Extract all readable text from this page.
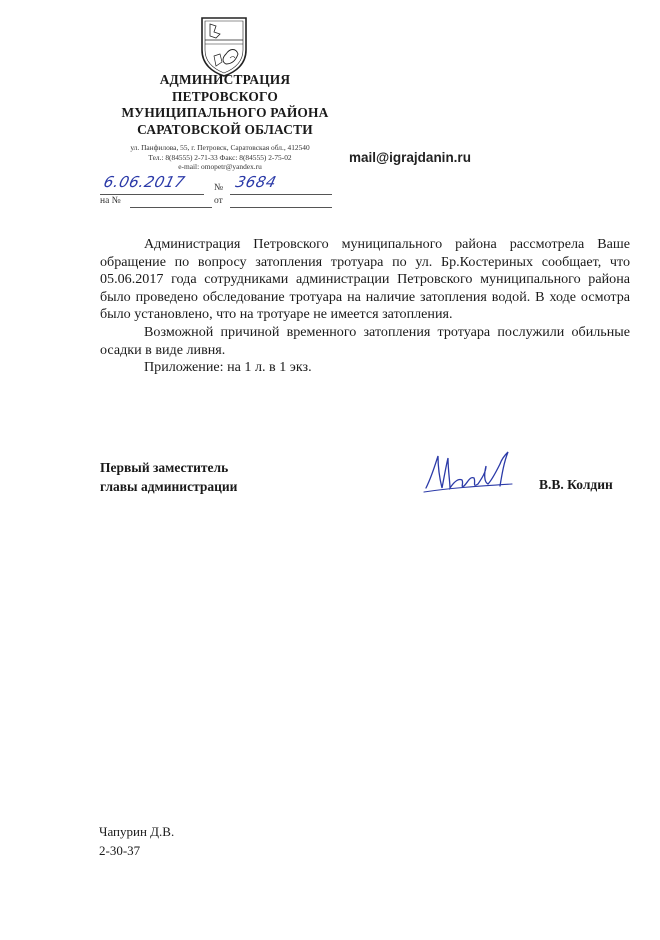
АДМИНИСТРАЦИЯ
ПЕТРОВСКОГО
МУНИЦИПАЛЬНОГО РАЙОНА
САРАТОВСКОЙ ОБЛАСТИ
ул. Панфилова, 55, г. Петровск, Саратовская обл., 412540
Тел.: 8(84555) 2-71-33 Факс: 8(84555) 2-75-02
e-mail: omopetr@yandex.ru
mail@igrajdanin.ru
6.06.2017	№ 3684
на №	от

Администрация Петровского муниципального района рассмотрела Ваше обращение по вопросу затопления тротуара по ул. Бр.Костериных сообщает, что 05.06.2017 года сотрудниками администрации Петровского муниципального района было проведено обследование тротуара на наличие затопления водой. В ходе осмотра было установлено, что на тротуаре не имеется затопления.

Возможной причиной временного затопления тротуара послужили обильные осадки в виде ливня.

Приложение: на 1 л. в 1 экз.

Первый заместитель
главы администрации	В.В. Колдин
Чапурин Д.В.
2-30-37
